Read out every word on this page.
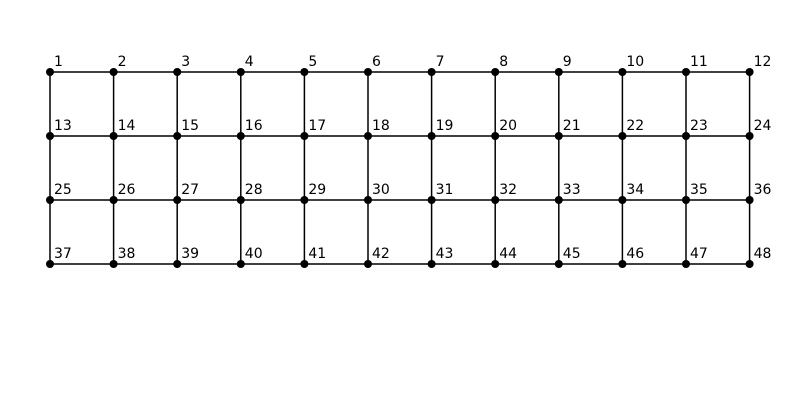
1	2	3	4	5	6	7	8	9	10	11	12
13	14	15	16	17	18	19	20	21	22	23	24
25	26	27	28	29	30	31	32	33	34	35	36
37	38	39	40	41	42	43	44	45	46	47	48
